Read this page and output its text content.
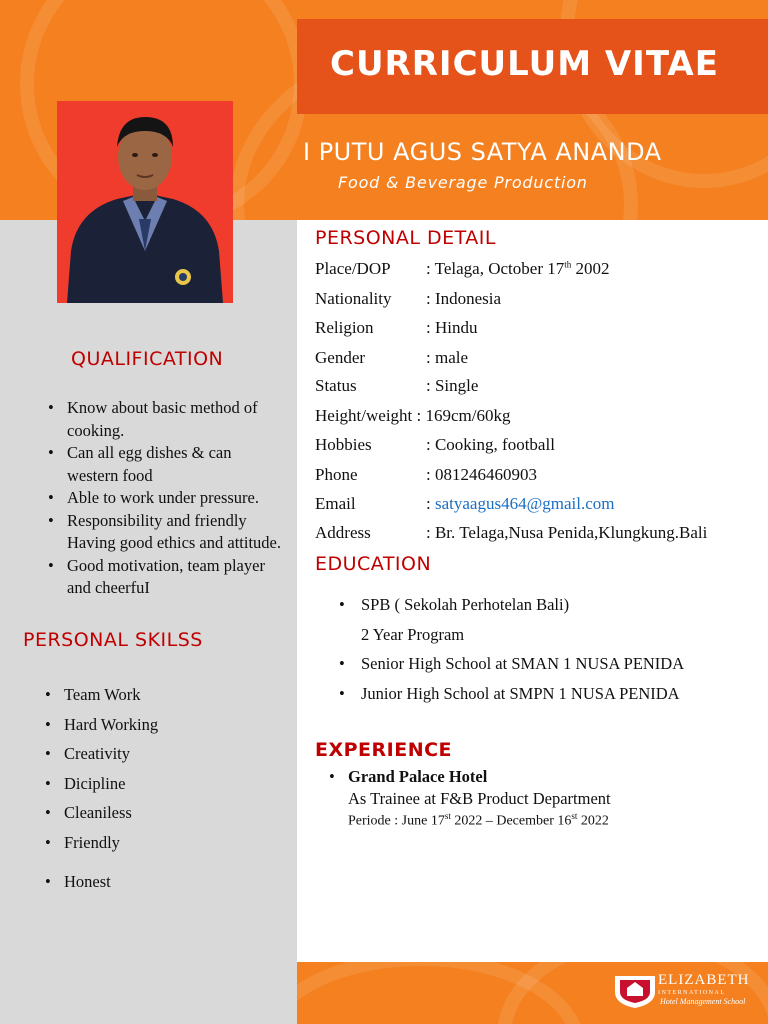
CURRICULUM VITAE
I PUTU AGUS SATYA ANANDA
Food & Beverage Production
QUALIFICATION
• Know about basic method of cooking.
• Can all egg dishes & can western food
• Able to work under pressure.
• Responsibility and friendly Having good ethics and attitude.
• Good motivation, team player and cheerfuI
PERSONAL SKILSS
• Team Work
• Hard Working
• Creativity
• Dicipline
• Cleaniless
• Friendly
• Honest
PERSONAL DETAIL
Place/DOP : Telaga, October 17th 2002
Nationality : Indonesia
Religion	: Hindu
Gender	: male
Status	: Single
Height/weight : 169cm/60kg
Hobbies	: Cooking, football
Phone	: 081246460903
Email	: satyaagus464@gmail.com
Address	: Br. Telaga,Nusa Penida,Klungkung.Bali
EDUCATION
• SPB ( Sekolah Perhotelan Bali)
2 Year Program
• Senior High School at SMAN 1 NUSA PENIDA
• Junior High School at SMPN 1 NUSA PENIDA
EXPERIENCE
• Grand Palace Hotel
As Trainee at F&B Product Department
Periode : June 17st 2022 – December 16st 2022
ELIZABETH
INTERNATIONAL
Hotel Management School
